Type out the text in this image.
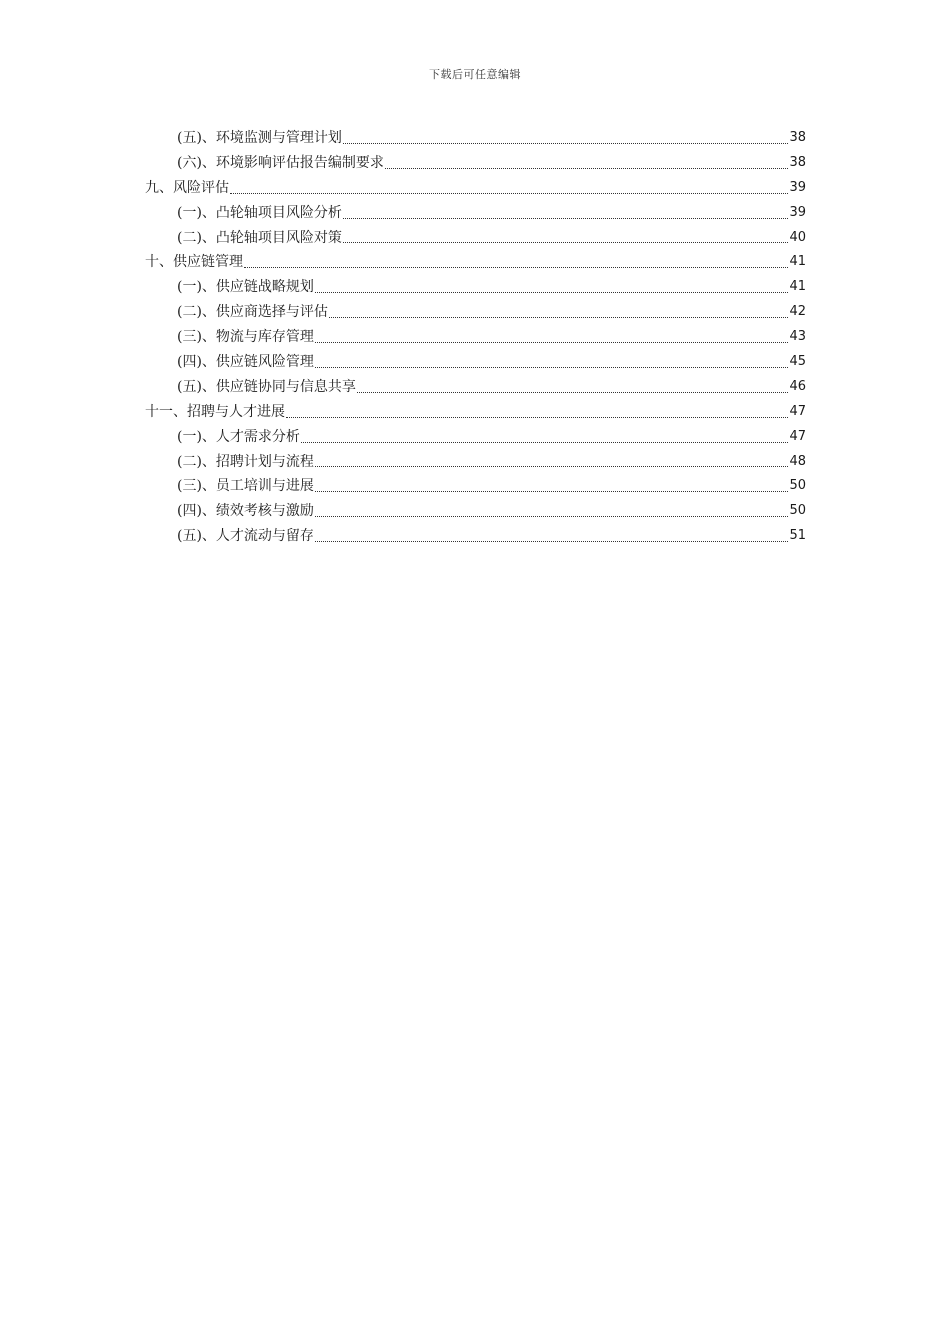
下载后可任意编辑
(五)、环境监测与管理计划	38
(六)、环境影响评估报告编制要求	38
九、风险评估	39
(一)、凸轮轴项目风险分析	39
(二)、凸轮轴项目风险对策	40
十、供应链管理	41
(一)、供应链战略规划	41
(二)、供应商选择与评估	42
(三)、物流与库存管理	43
(四)、供应链风险管理	45
(五)、供应链协同与信息共享	46
十一、招聘与人才进展	47
(一)、人才需求分析	47
(二)、招聘计划与流程	48
(三)、员工培训与进展	50
(四)、绩效考核与激励	50
(五)、人才流动与留存	51
